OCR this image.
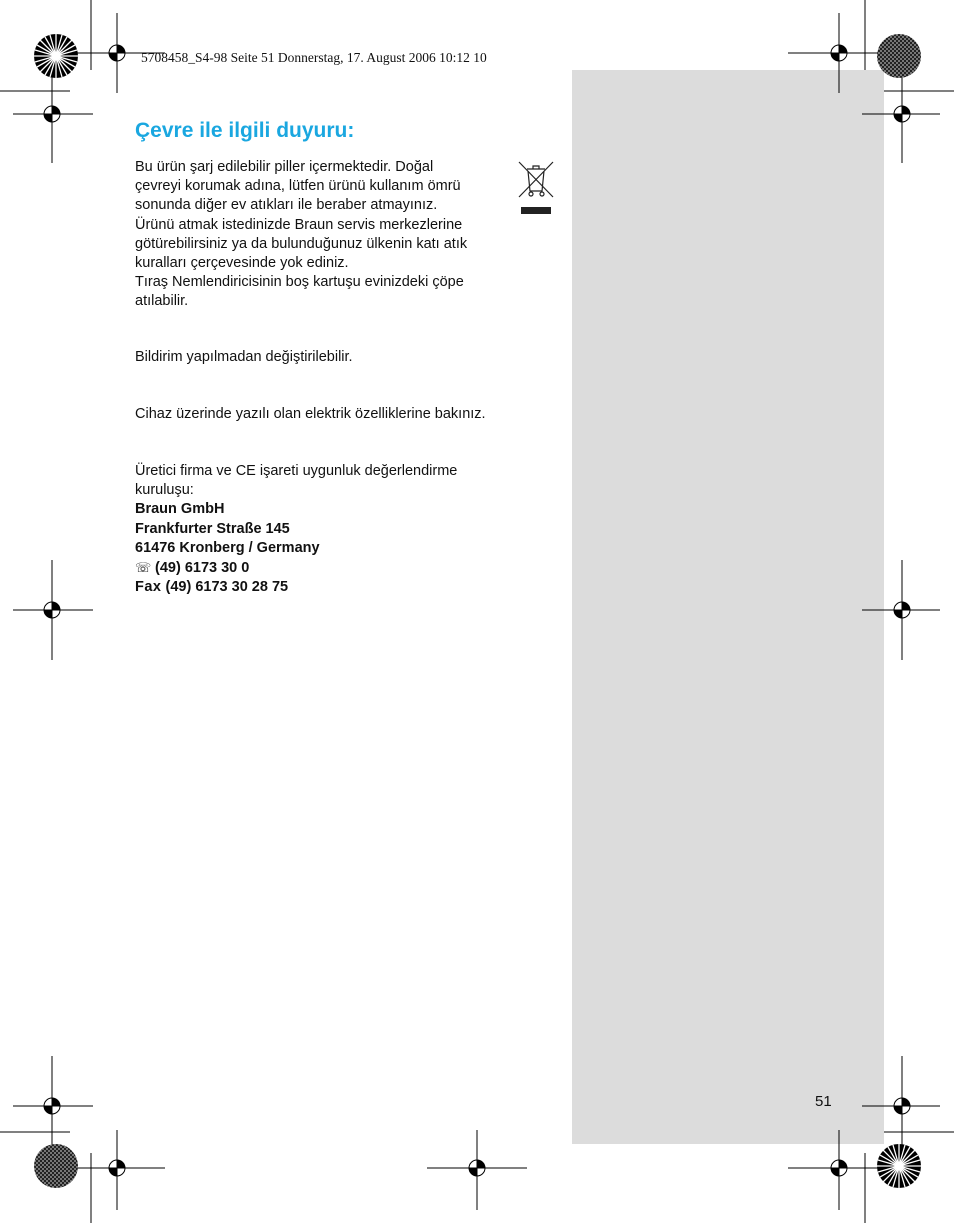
5708458_S4-98 Seite 51 Donnerstag, 17. August 2006 10:12 10
Çevre ile ilgili duyuru:
Bu ürün şarj edilebilir piller içermektedir. Doğal
çevreyi korumak adına, lütfen ürünü kullanım ömrü
sonunda diğer ev atıkları ile beraber atmayınız.
Ürünü atmak istedinizde Braun servis merkezlerine
götürebilirsiniz ya da bulunduğunuz ülkenin katı atık
kuralları çerçevesinde yok ediniz.
Tıraş Nemlendiricisinin boş kartuşu evinizdeki çöpe
atılabilir.
Bildirim yapılmadan değiştirilebilir.
Cihaz üzerinde yazılı olan elektrik özelliklerine bakınız.
Üretici firma ve CE işareti uygunluk değerlendirme
kuruluşu:
Braun GmbH
Frankfurter Straße 145
61476 Kronberg / Germany
☏ (49) 6173 30 0
Fax (49) 6173 30 28 75
51
